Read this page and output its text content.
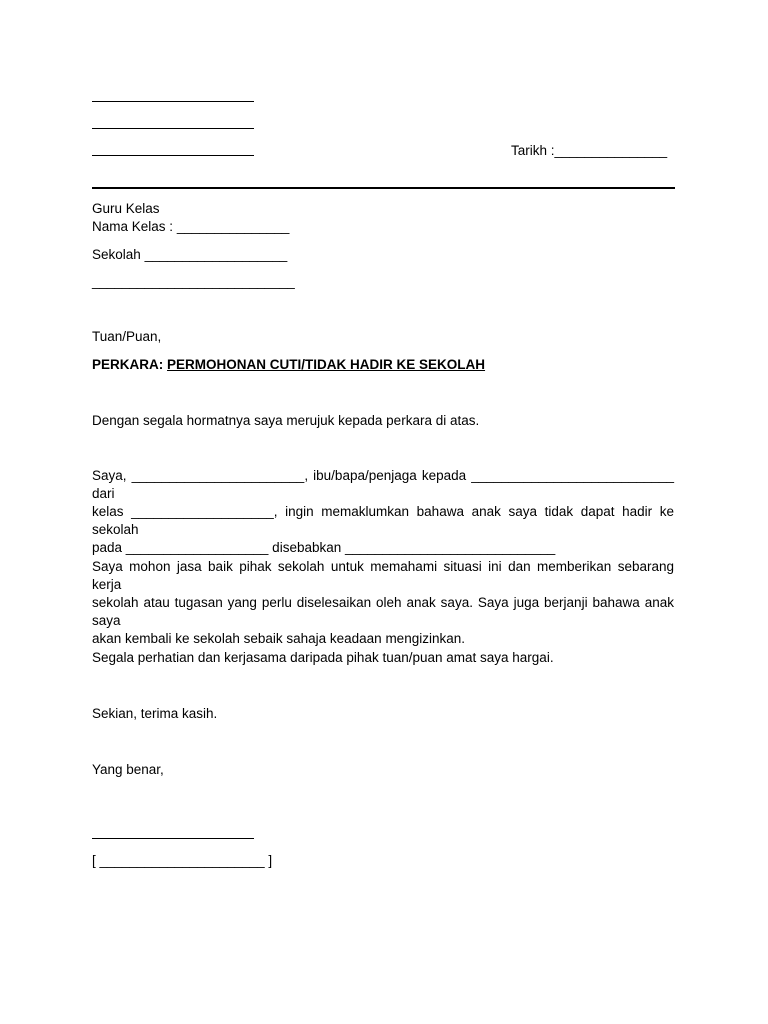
Tarikh :_______________
Guru Kelas
Nama Kelas : _______________
Sekolah ___________________
___________________________
Tuan/Puan,
PERKARA: PERMOHONAN CUTI/TIDAK HADIR KE SEKOLAH
Dengan segala hormatnya saya merujuk kepada perkara di atas.
Saya, _______________________, ibu/bapa/penjaga kepada ___________________________ dari
kelas ___________________, ingin memaklumkan bahawa anak saya tidak dapat hadir ke sekolah
pada ___________________ disebabkan ____________________________
Saya mohon jasa baik pihak sekolah untuk memahami situasi ini dan memberikan sebarang kerja
sekolah atau tugasan yang perlu diselesaikan oleh anak saya. Saya juga berjanji bahawa anak saya
akan kembali ke sekolah sebaik sahaja keadaan mengizinkan.
Segala perhatian dan kerjasama daripada pihak tuan/puan amat saya hargai.
Sekian, terima kasih.
Yang benar,
[ ______________________ ]
